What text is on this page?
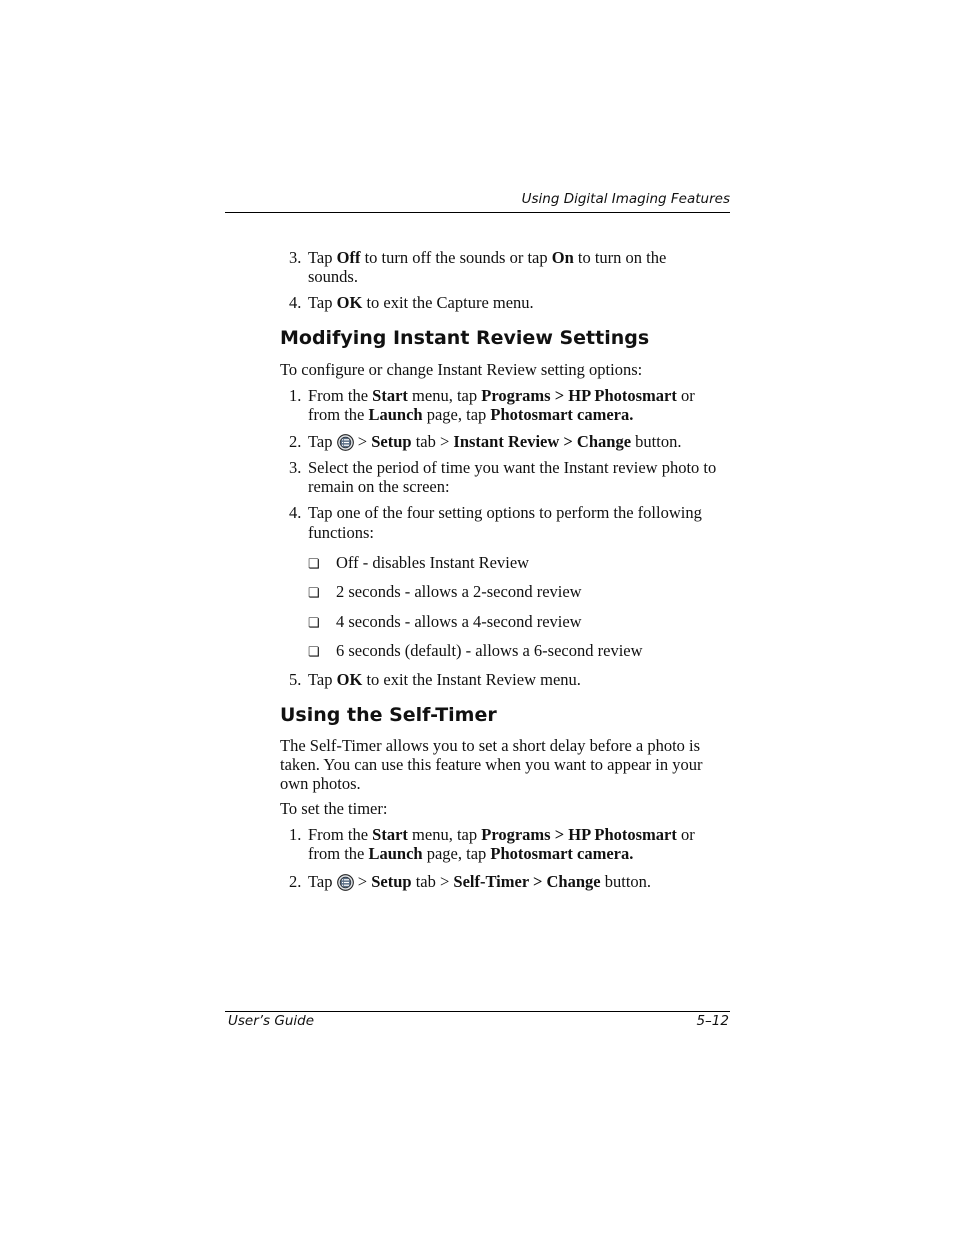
Using Digital Imaging Features
3. Tap Off to turn off the sounds or tap On to turn on the
sounds.
4. Tap OK to exit the Capture menu.
Modifying Instant Review Settings
To configure or change Instant Review setting options:
1. From the Start menu, tap Programs > HP Photosmart or
from the Launch page, tap Photosmart camera.
2. Tap  > Setup tab > Instant Review > Change button.
3. Select the period of time you want the Instant review photo to
remain on the screen:
4. Tap one of the four setting options to perform the following
functions:
❏ Off - disables Instant Review
❏ 2 seconds - allows a 2-second review
❏ 4 seconds - allows a 4-second review
❏ 6 seconds (default) - allows a 6-second review
5. Tap OK to exit the Instant Review menu.
Using the Self-Timer
The Self-Timer allows you to set a short delay before a photo is
taken. You can use this feature when you want to appear in your
own photos.
To set the timer:
1. From the Start menu, tap Programs > HP Photosmart or
from the Launch page, tap Photosmart camera.
2. Tap  > Setup tab > Self-Timer > Change button.
User’s Guide	5–12
